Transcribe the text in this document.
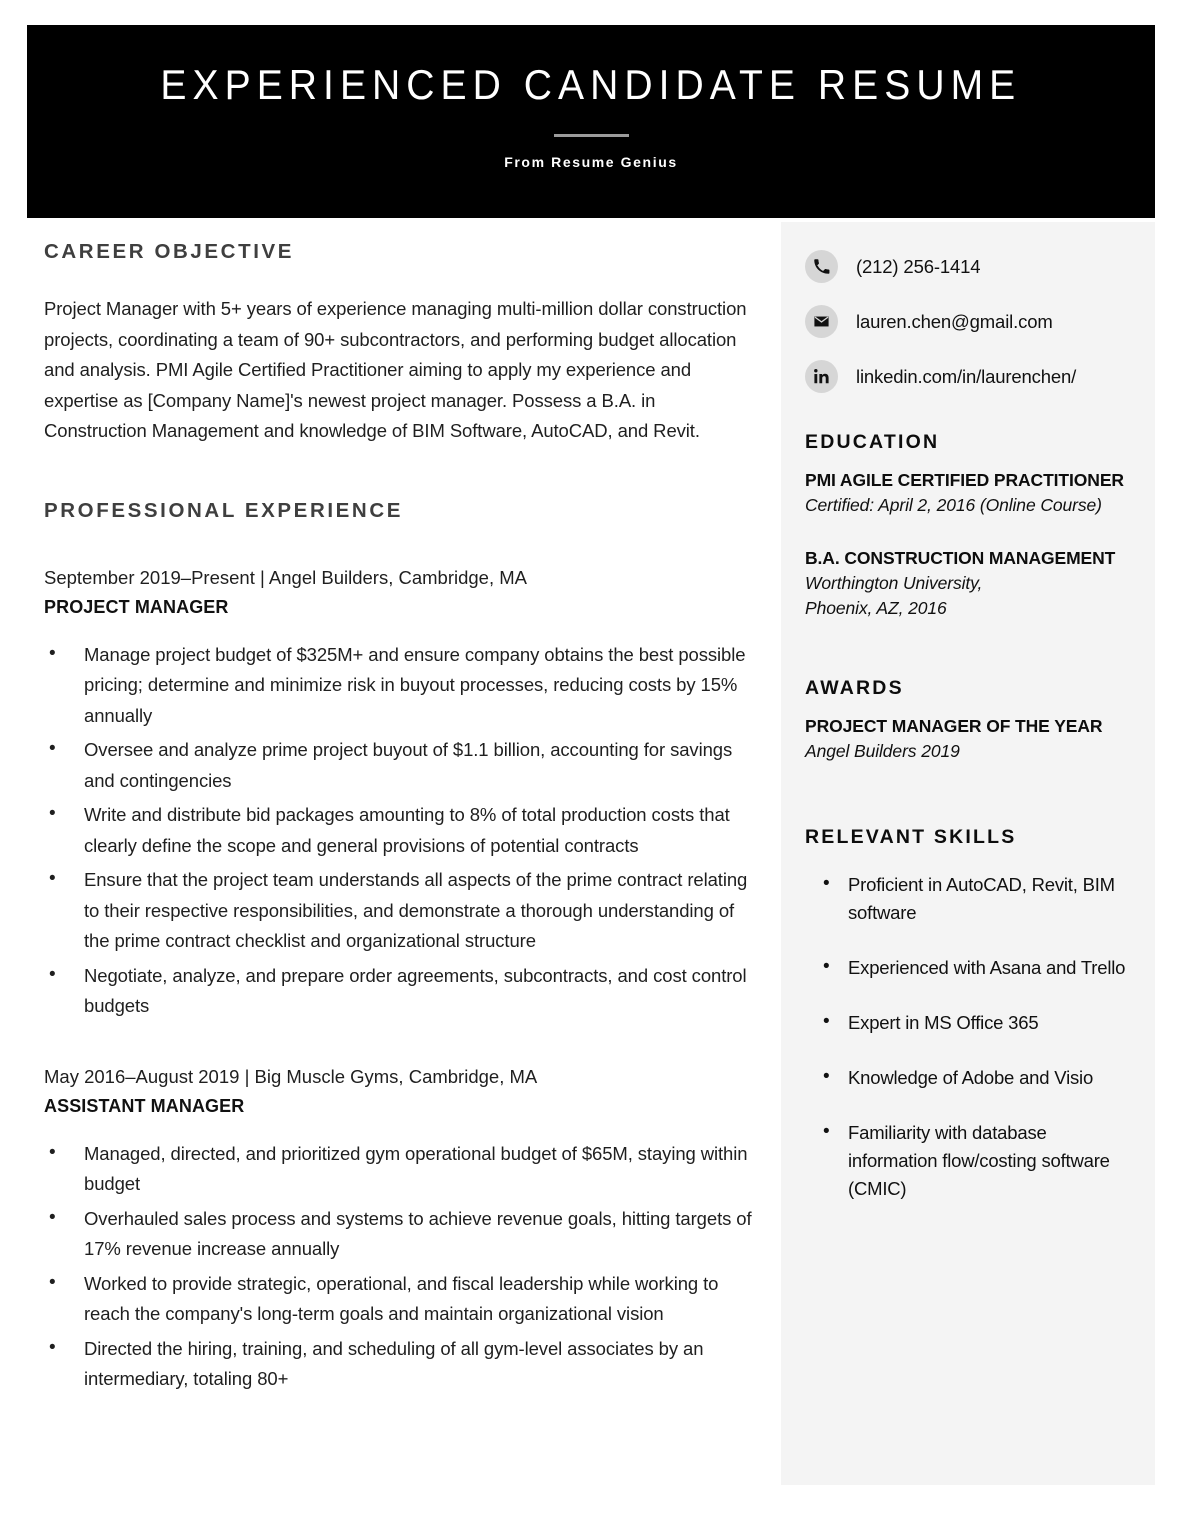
EXPERIENCED CANDIDATE RESUME
From Resume Genius
CAREER OBJECTIVE

Project Manager with 5+ years of experience managing multi-million dollar construction projects, coordinating a team of 90+ subcontractors, and performing budget allocation and analysis. PMI Agile Certified Practitioner aiming to apply my experience and expertise as [Company Name]'s newest project manager. Possess a B.A. in Construction Management and knowledge of BIM Software, AutoCAD, and Revit.

PROFESSIONAL EXPERIENCE

September 2019–Present | Angel Builders, Cambridge, MA

PROJECT MANAGER

• Manage project budget of $325M+ and ensure company obtains the best possible pricing; determine and minimize risk in buyout processes, reducing costs by 15% annually
• Oversee and analyze prime project buyout of $1.1 billion, accounting for savings and contingencies
• Write and distribute bid packages amounting to 8% of total production costs that clearly define the scope and general provisions of potential contracts
• Ensure that the project team understands all aspects of the prime contract relating to their respective responsibilities, and demonstrate a thorough understanding of the prime contract checklist and organizational structure
• Negotiate, analyze, and prepare order agreements, subcontracts, and cost control budgets

May 2016–August 2019 | Big Muscle Gyms, Cambridge, MA

ASSISTANT MANAGER

• Managed, directed, and prioritized gym operational budget of $65M, staying within budget
• Overhauled sales process and systems to achieve revenue goals, hitting targets of 17% revenue increase annually
• Worked to provide strategic, operational, and fiscal leadership while working to reach the company's long-term goals and maintain organizational vision
• Directed the hiring, training, and scheduling of all gym-level associates by an intermediary, totaling 80+
(212) 256-1414
lauren.chen@gmail.com
linkedin.com/in/laurenchen/
EDUCATION

PMI AGILE CERTIFIED PRACTITIONER

Certified: April 2, 2016 (Online Course)

B.A. CONSTRUCTION MANAGEMENT

Worthington University,

Phoenix, AZ, 2016

AWARDS

PROJECT MANAGER OF THE YEAR

Angel Builders 2019

RELEVANT SKILLS
• Proficient in AutoCAD, Revit, BIM software
• Experienced with Asana and Trello
• Expert in MS Office 365
• Knowledge of Adobe and Visio
• Familiarity with database information flow/costing software (CMIC)
